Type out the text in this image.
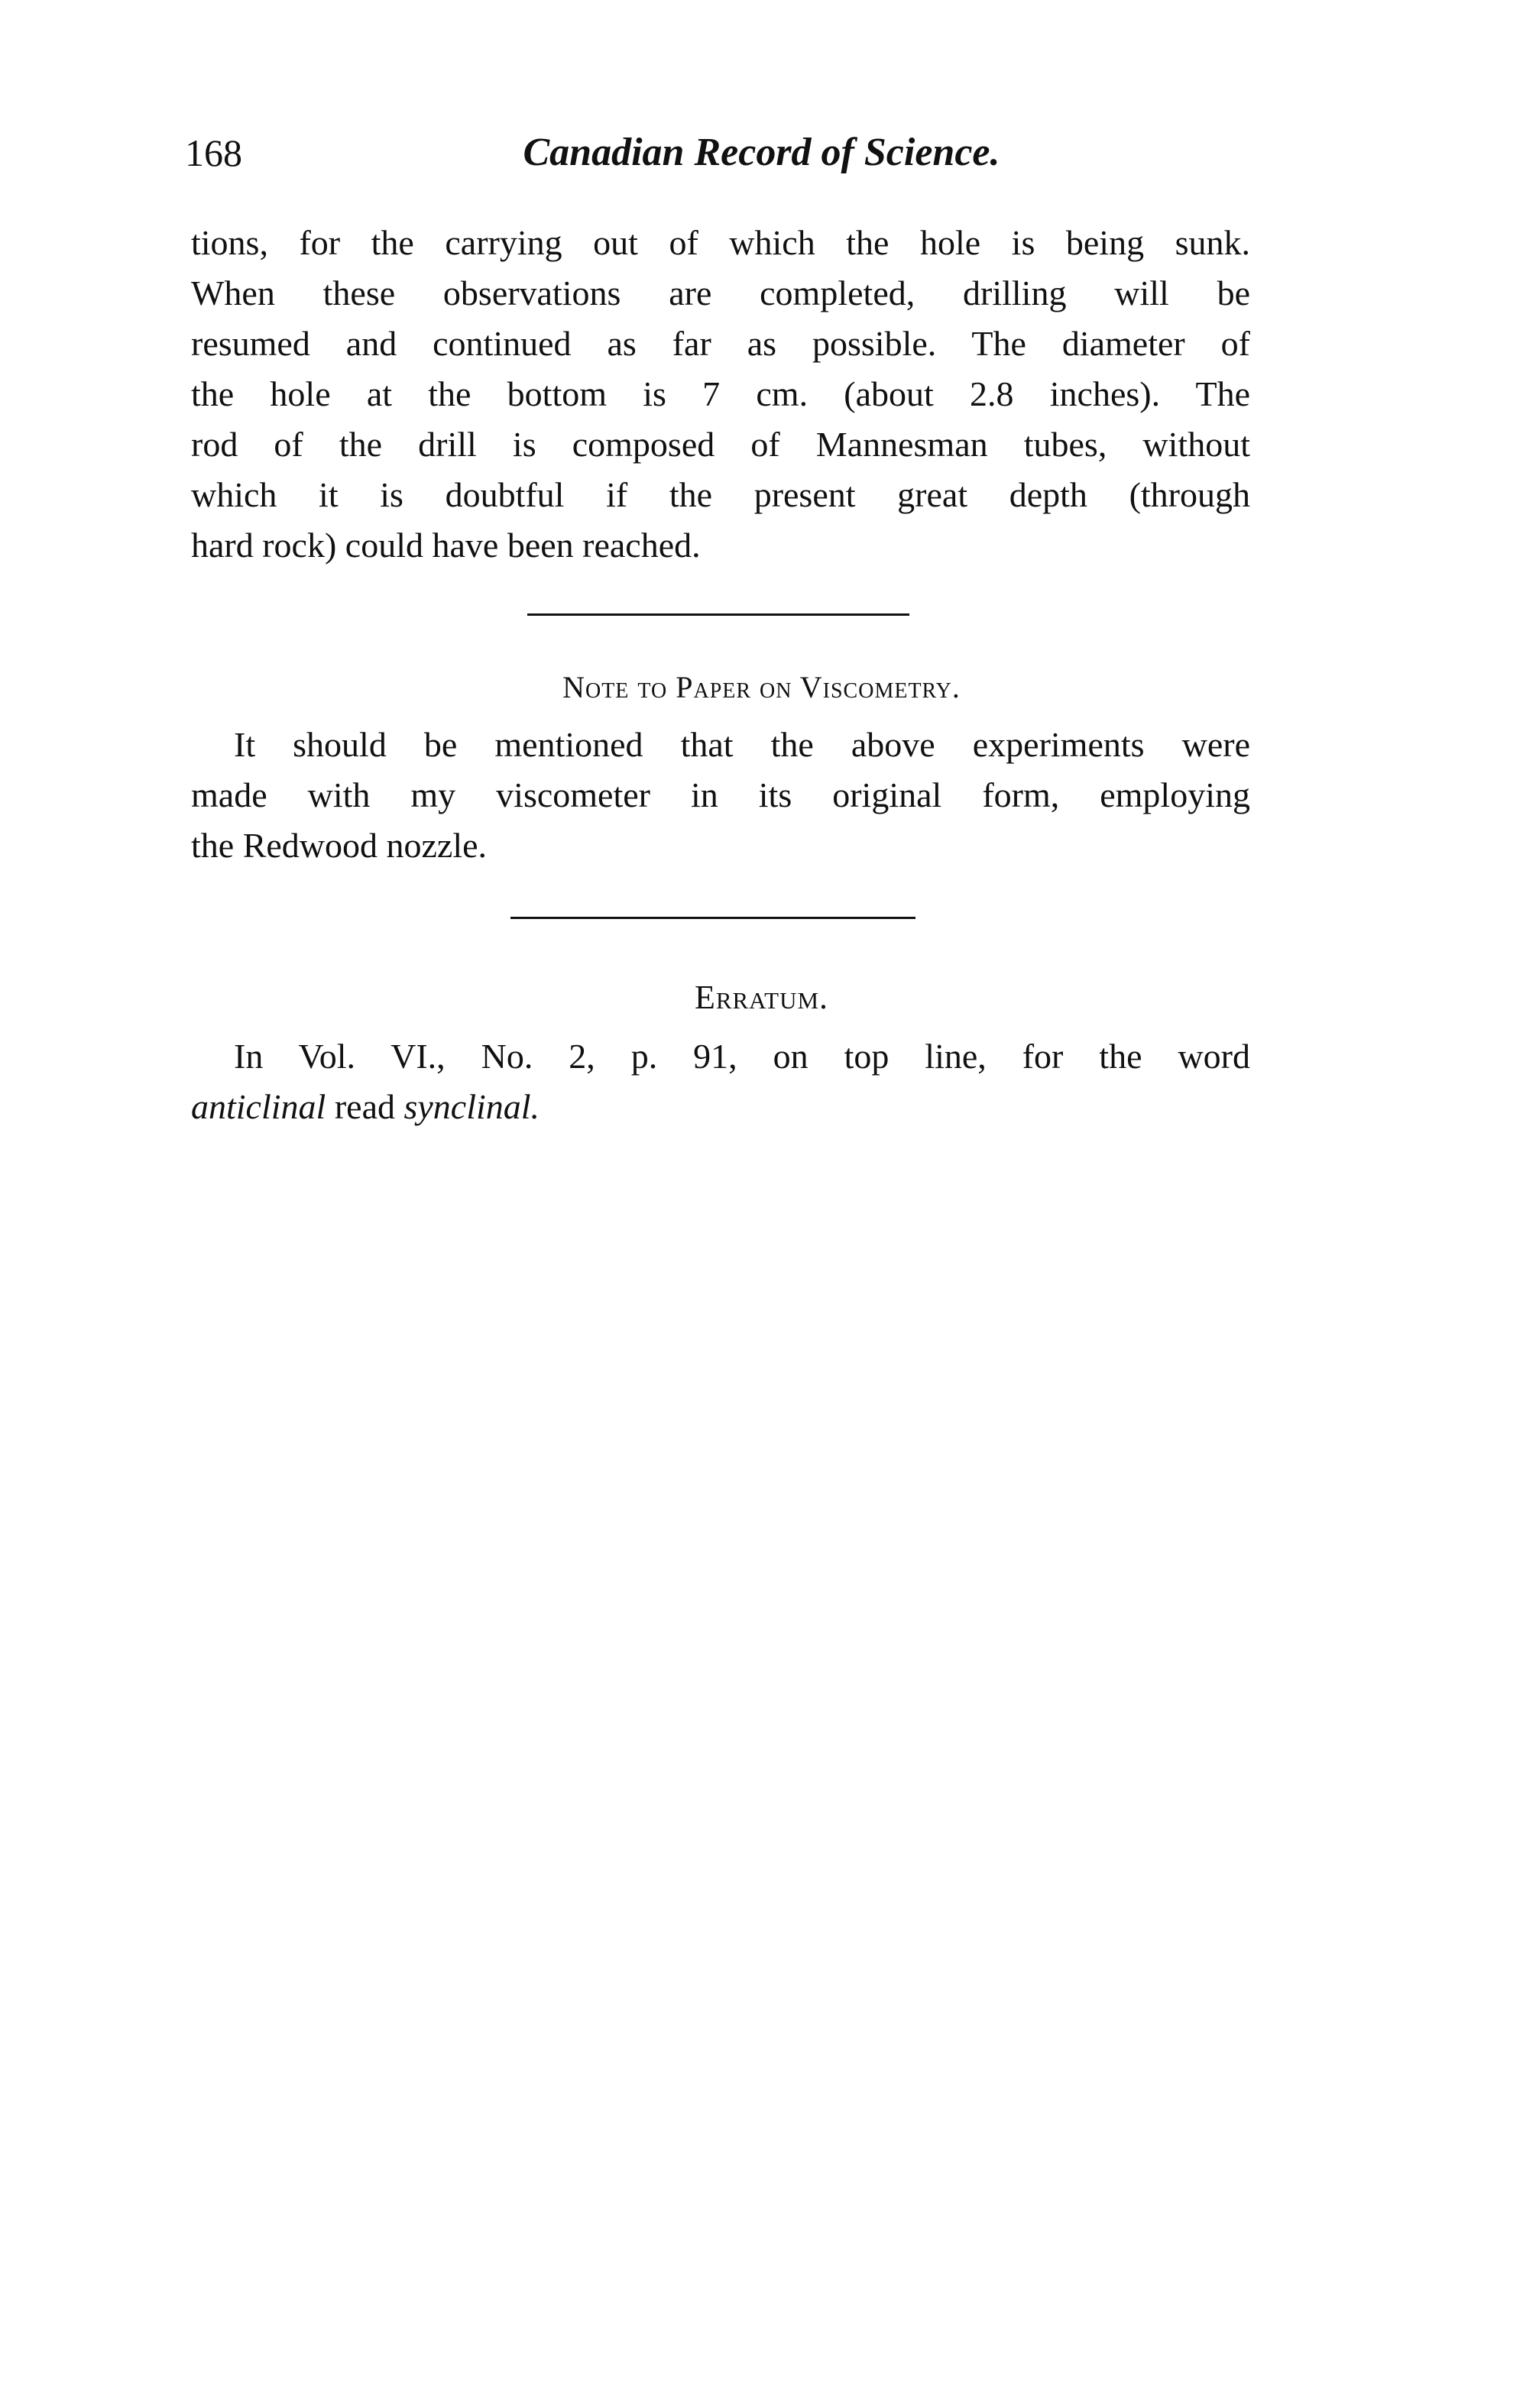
168	Canadian Record of Science.
tions, for the carrying out of which the hole is being sunk.
When these observations are completed, drilling will be
resumed and continued as far as possible. The diameter of
the hole at the bottom is 7 cm. (about 2.8 inches). The
rod of the drill is composed of Mannesman tubes, without
which it is doubtful if the present great depth (through
hard rock) could have been reached.
Note to Paper on Viscometry.
It should be mentioned that the above experiments were
made with my viscometer in its original form, employing
the Redwood nozzle.
Erratum.
In Vol. VI., No. 2, p. 91, on top line, for the word
anticlinal read synclinal.
